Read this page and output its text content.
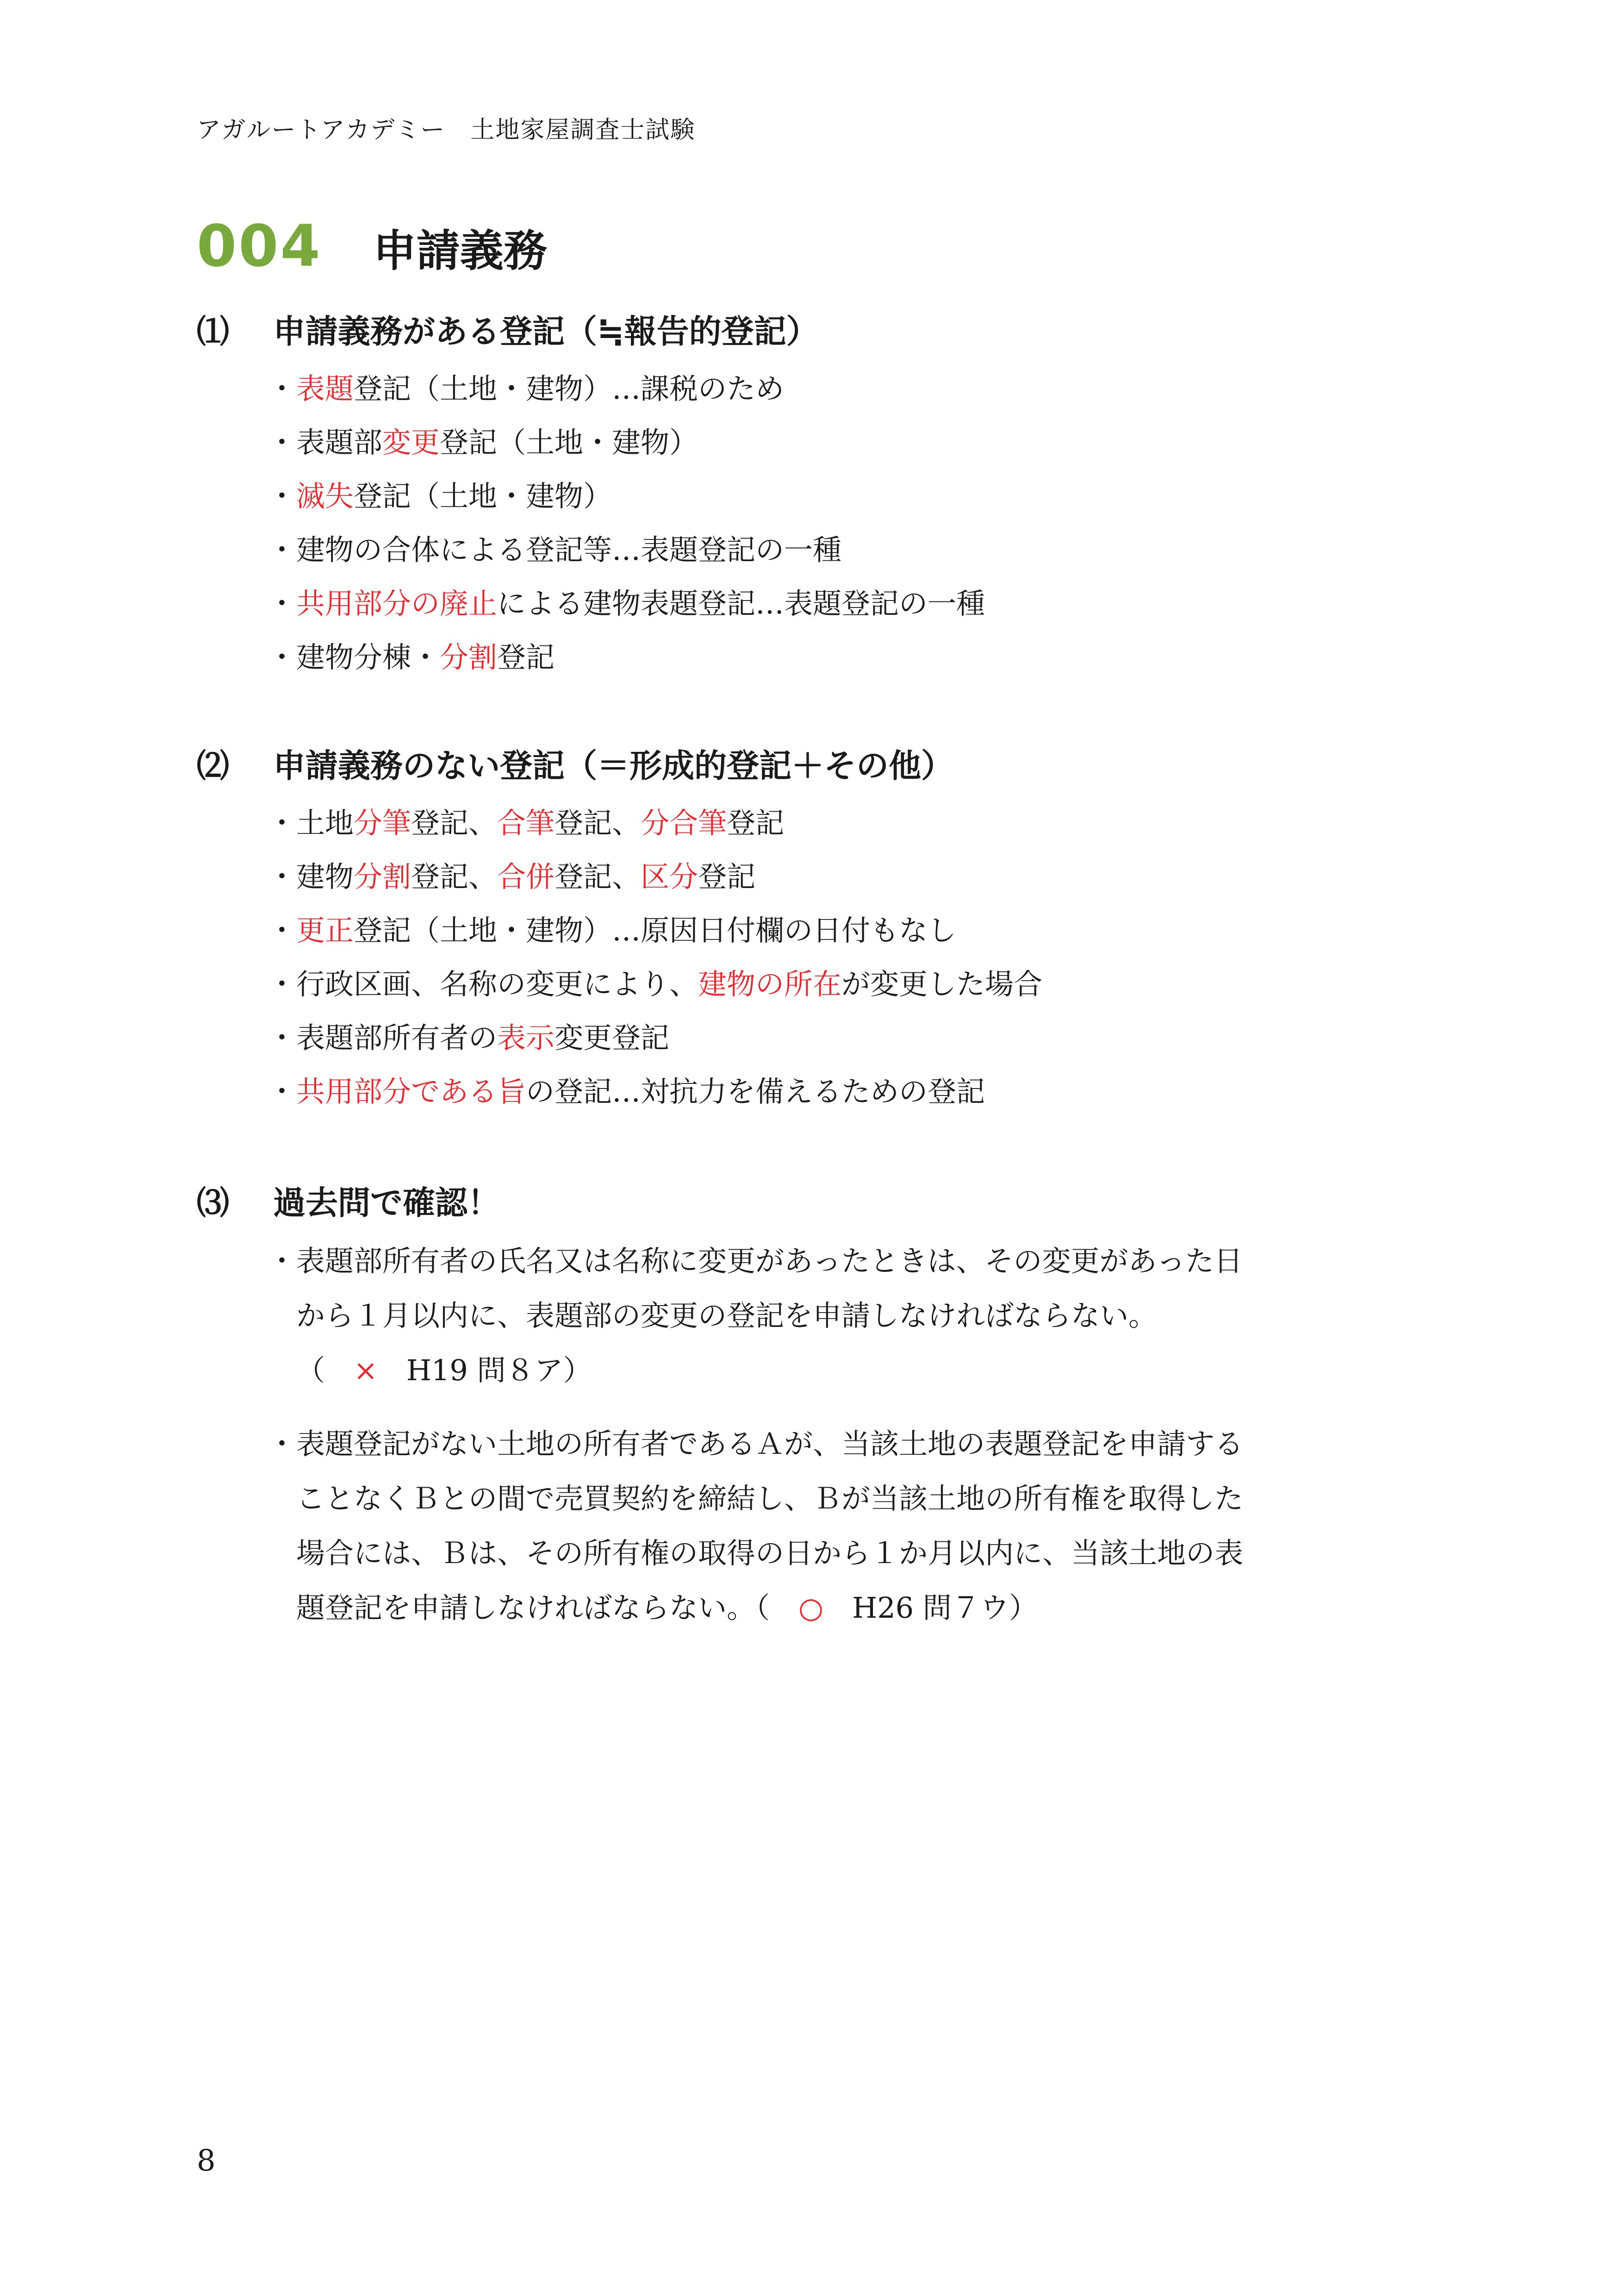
アガルートアカデミー　土地家屋調査士試験
004 申請義務
⑴ 申請義務がある登記（≒報告的登記）
・表題登記（土地・建物）…課税のため
・表題部変更登記（土地・建物）
・滅失登記（土地・建物）
・建物の合体による登記等…表題登記の一種
・共用部分の廃止による建物表題登記…表題登記の一種
・建物分棟・分割登記
⑵ 申請義務のない登記（＝形成的登記＋その他）
・土地分筆登記、合筆登記、分合筆登記
・建物分割登記、合併登記、区分登記
・更正登記（土地・建物）…原因日付欄の日付もなし
・行政区画、名称の変更により、建物の所在が変更した場合
・表題部所有者の表示変更登記
・共用部分である旨の登記…対抗力を備えるための登記
⑶ 過去問で確認！
・ 表題部所有者の氏名又は名称に変更があったときは、その変更があった日
から１月以内に、表題部の変更の登記を申請しなければならない。
（　×　H19 問８ア）
・ 表題登記がない土地の所有者であるＡが、当該土地の表題登記を申請する
ことなくＢとの間で売買契約を締結し、Ｂが当該土地の所有権を取得した
場合には、Ｂは、その所有権の取得の日から１か月以内に、当該土地の表
題登記を申請しなければならない。（　○　H26 問７ウ）
8
